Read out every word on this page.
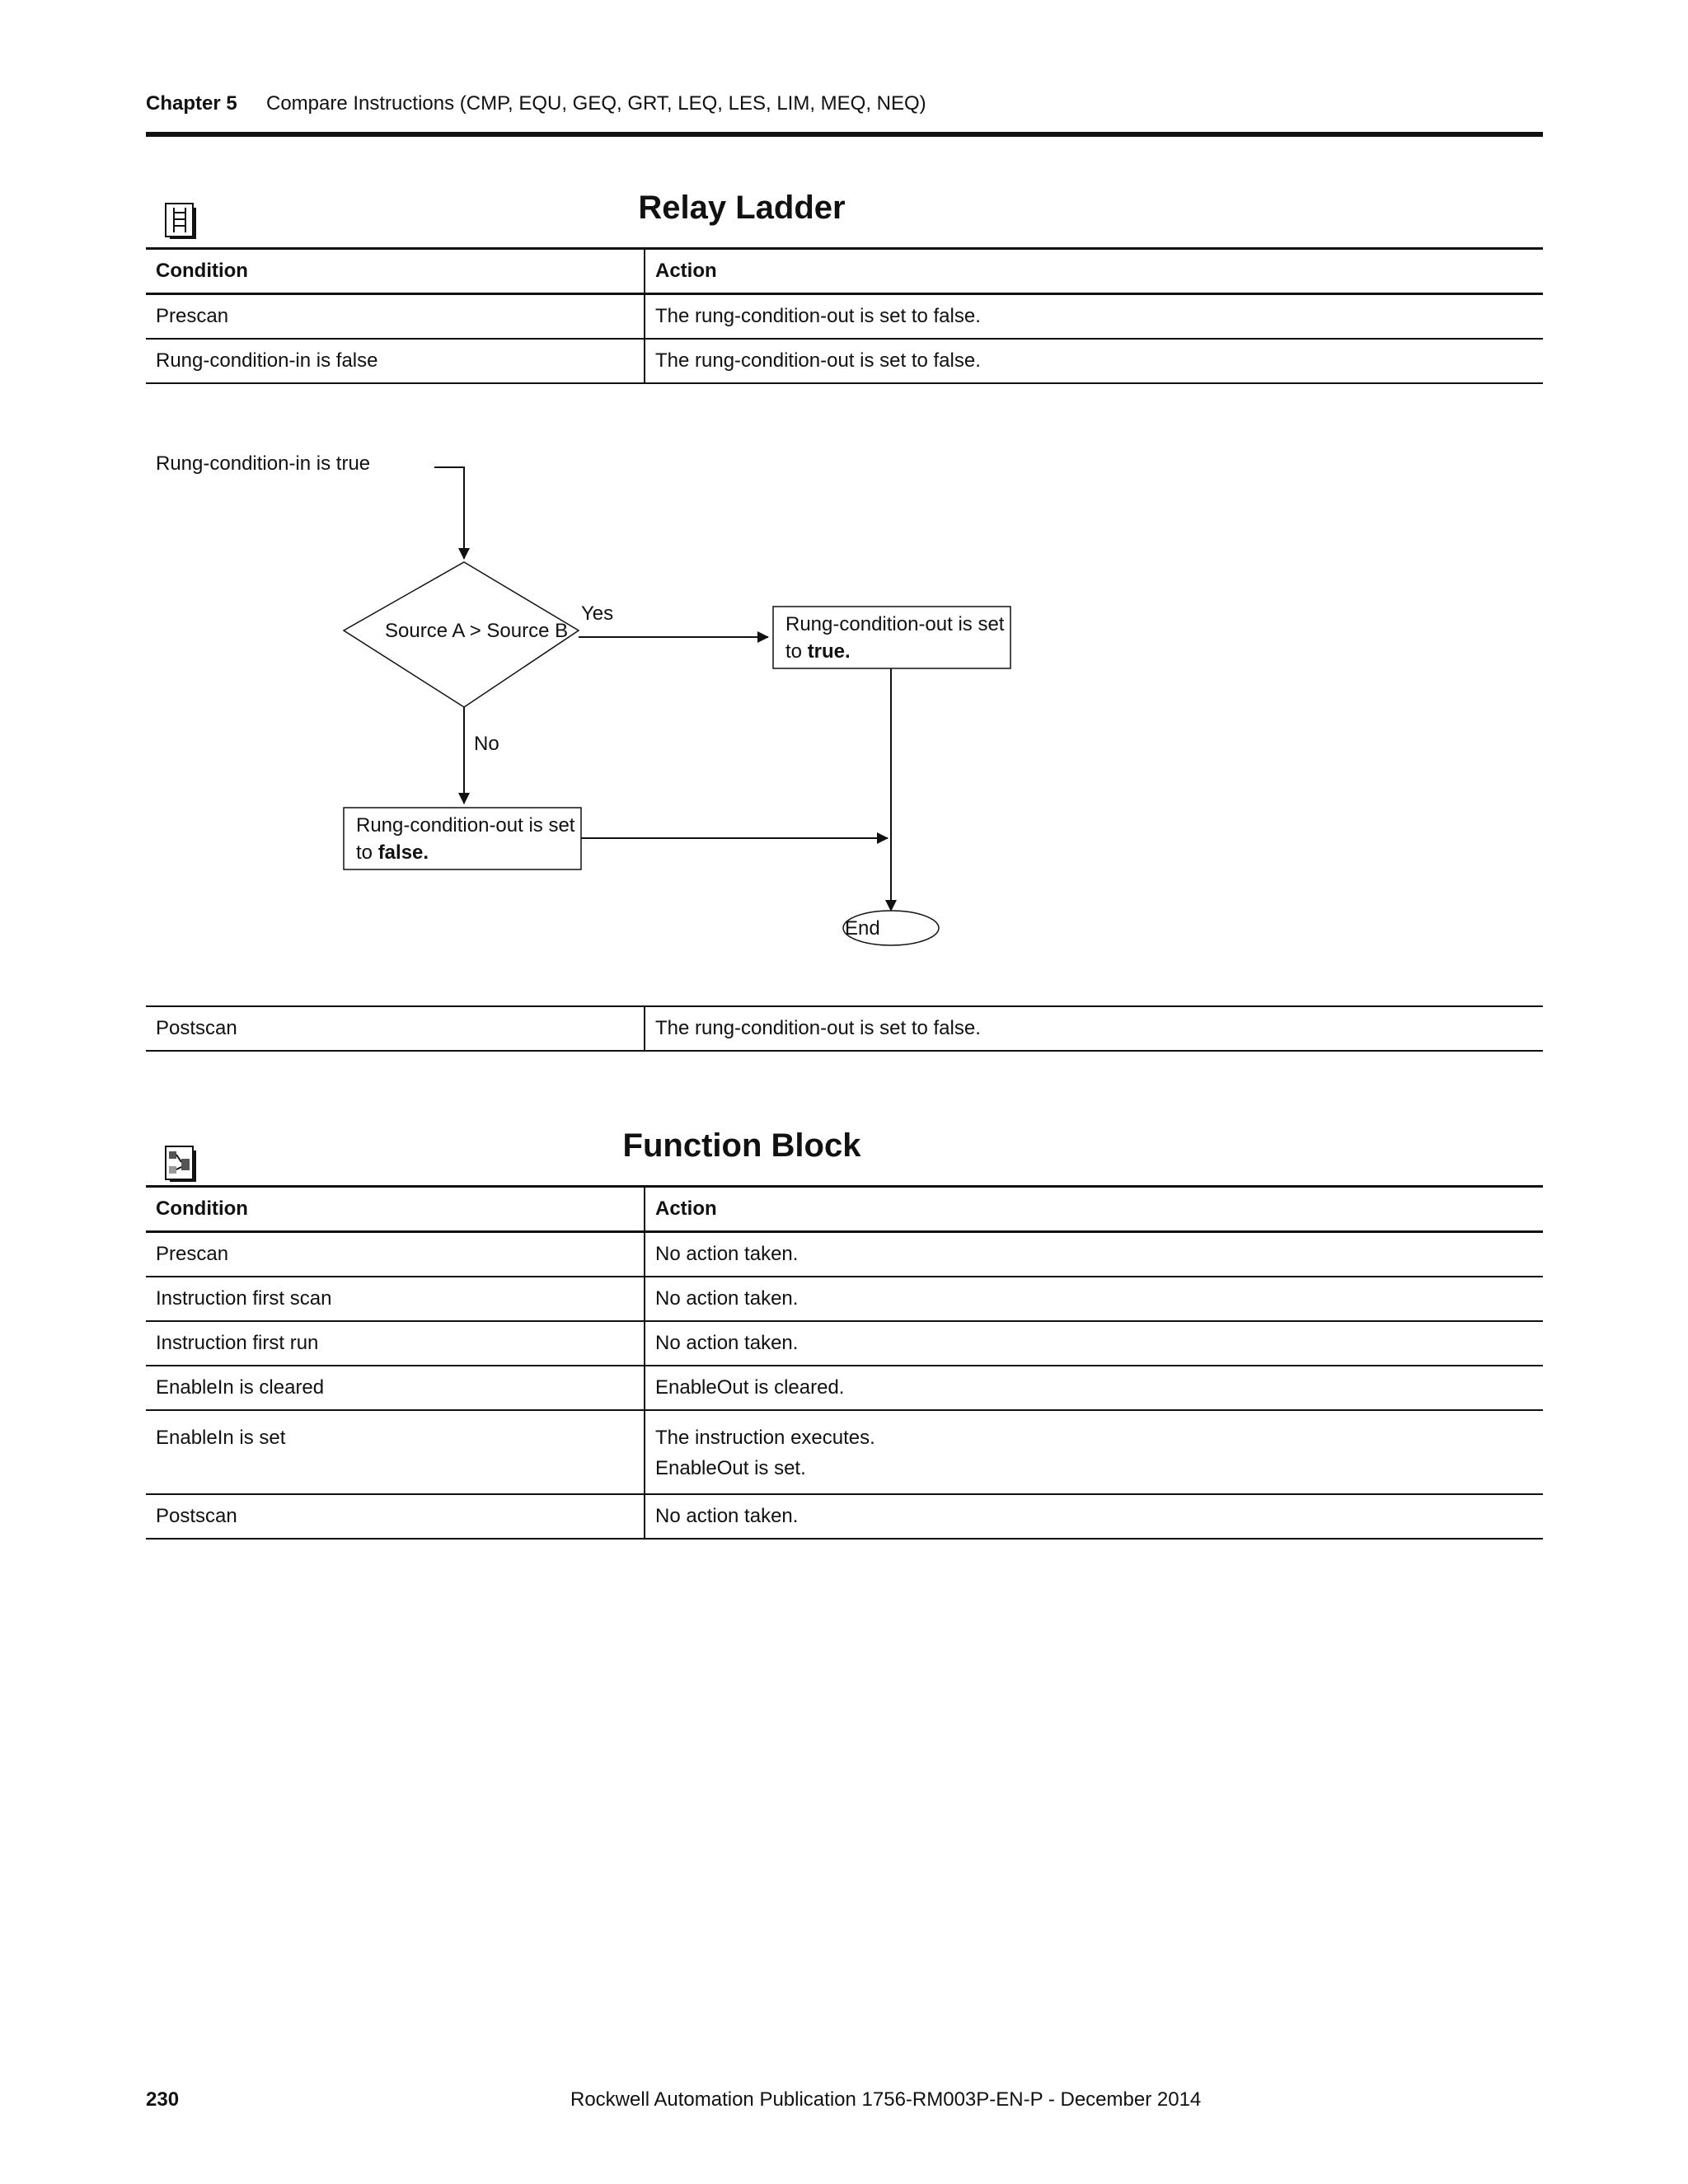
Chapter 5 Compare Instructions (CMP, EQU, GEQ, GRT, LEQ, LES, LIM, MEQ, NEQ)
Relay Ladder
Condition	Action
Prescan	The rung-condition-out is set to false.
Rung-condition-in is false	The rung-condition-out is set to false.
Rung-condition-in is true
Source A > Source B
Yes	Rung-condition-out is set
to true.
No
Rung-condition-out is set
to false.
End
Postscan	The rung-condition-out is set to false.
Function Block
Condition	Action
Prescan	No action taken.
Instruction first scan	No action taken.
Instruction first run	No action taken.
EnableIn is cleared	EnableOut is cleared.
EnableIn is set	The instruction executes.
EnableOut is set.

Postscan	No action taken.
230	Rockwell Automation Publication 1756-RM003P-EN-P - December 2014
